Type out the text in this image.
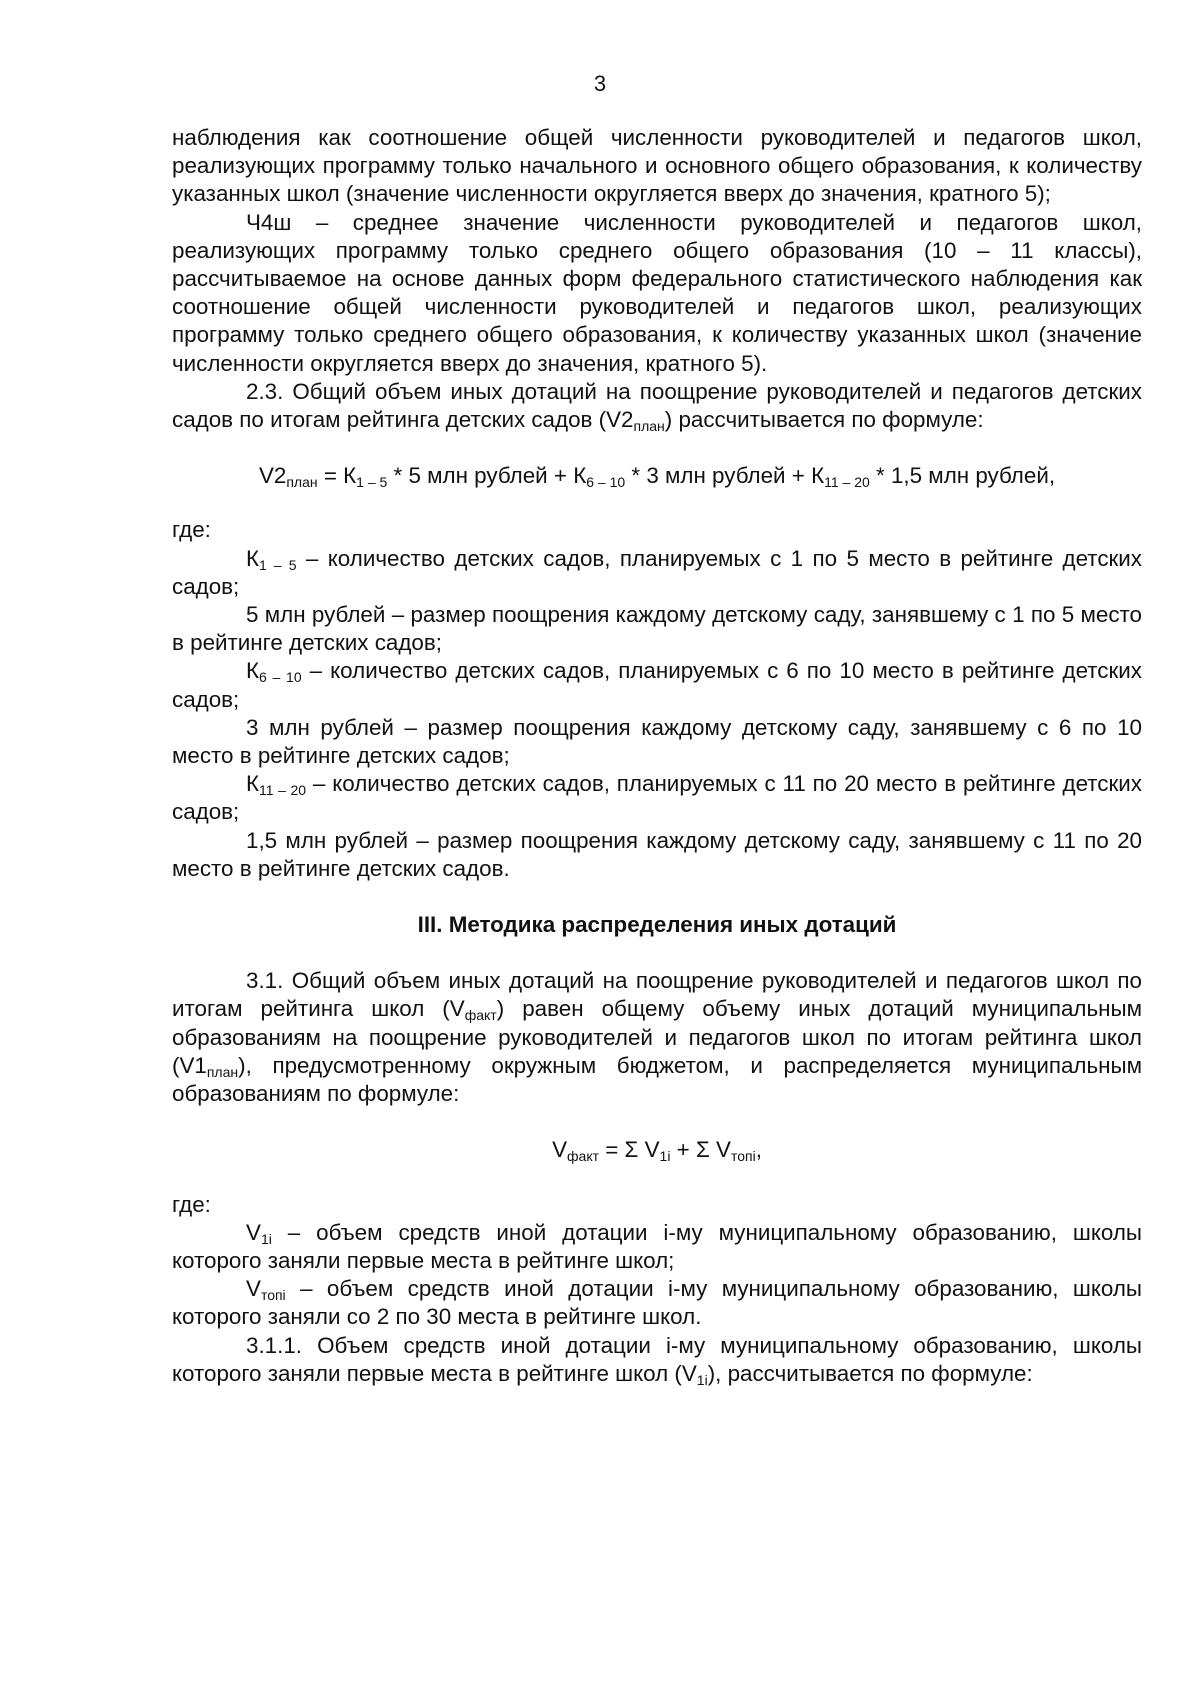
3

наблюдения как соотношение общей численности руководителей и педагогов школ, реализующих программу только начального и основного общего образования, к количеству указанных школ (значение численности округляется вверх до значения, кратного 5);

Ч4ш – среднее значение численности руководителей и педагогов школ, реализующих программу только среднего общего образования (10 – 11 классы), рассчитываемое на основе данных форм федерального статистического наблюдения как соотношение общей численности руководителей и педагогов школ, реализующих программу только среднего общего образования, к количеству указанных школ (значение численности округляется вверх до значения, кратного 5).

2.3. Общий объем иных дотаций на поощрение руководителей и педагогов детских садов по итогам рейтинга детских садов $(V2_{план})$ рассчитывается по формуле:

$V2_{план} = К_{1 - 5} * 5$ млн рублей + $К_{6 - 10} * 3$ млн рублей + $К_{11 - 20} * 1,5$ млн рублей,

где:

$К_{1 - 5}$ – количество детских садов, планируемых с 1 по 5 место в рейтинге детских садов;

5 млн рублей – размер поощрения каждому детскому саду, занявшему с 1 по 5 место в рейтинге детских садов;

$К_{6 - 10}$ – количество детских садов, планируемых с 6 по 10 место в рейтинге детских садов;

3 млн рублей – размер поощрения каждому детскому саду, занявшему с 6 по 10 место в рейтинге детских садов;

$К_{11 - 20}$ – количество детских садов, планируемых с 11 по 20 место в рейтинге детских садов;

1,5 млн рублей – размер поощрения каждому детскому саду, занявшему с 11 по 20 место в рейтинге детских садов.

III. Методика распределения иных дотаций

3.1. Общий объем иных дотаций на поощрение руководителей и педагогов школ по итогам рейтинга школ $(V_{факт})$ равен общему объему иных дотаций муниципальным образованиям на поощрение руководителей и педагогов школ по итогам рейтинга школ $(V1_{план})$, предусмотренному окружным бюджетом, и распределяется муниципальным образованиям по формуле:

$V_{факт} = \Sigma$ $V_{1i} + \Sigma$ $V_{топi}$,

где:

$V_{1i}$ – объем средств иной дотации i-му муниципальному образованию, школы которого заняли первые места в рейтинге школ;

$V_{топi}$ – объем средств иной дотации i-му муниципальному образованию, школы которого заняли со 2 по 30 места в рейтинге школ.

3.1.1. Объем средств иной дотации i-му муниципальному образованию, школы которого заняли первые места в рейтинге школ $(V_{1i})$, рассчитывается по формуле:
